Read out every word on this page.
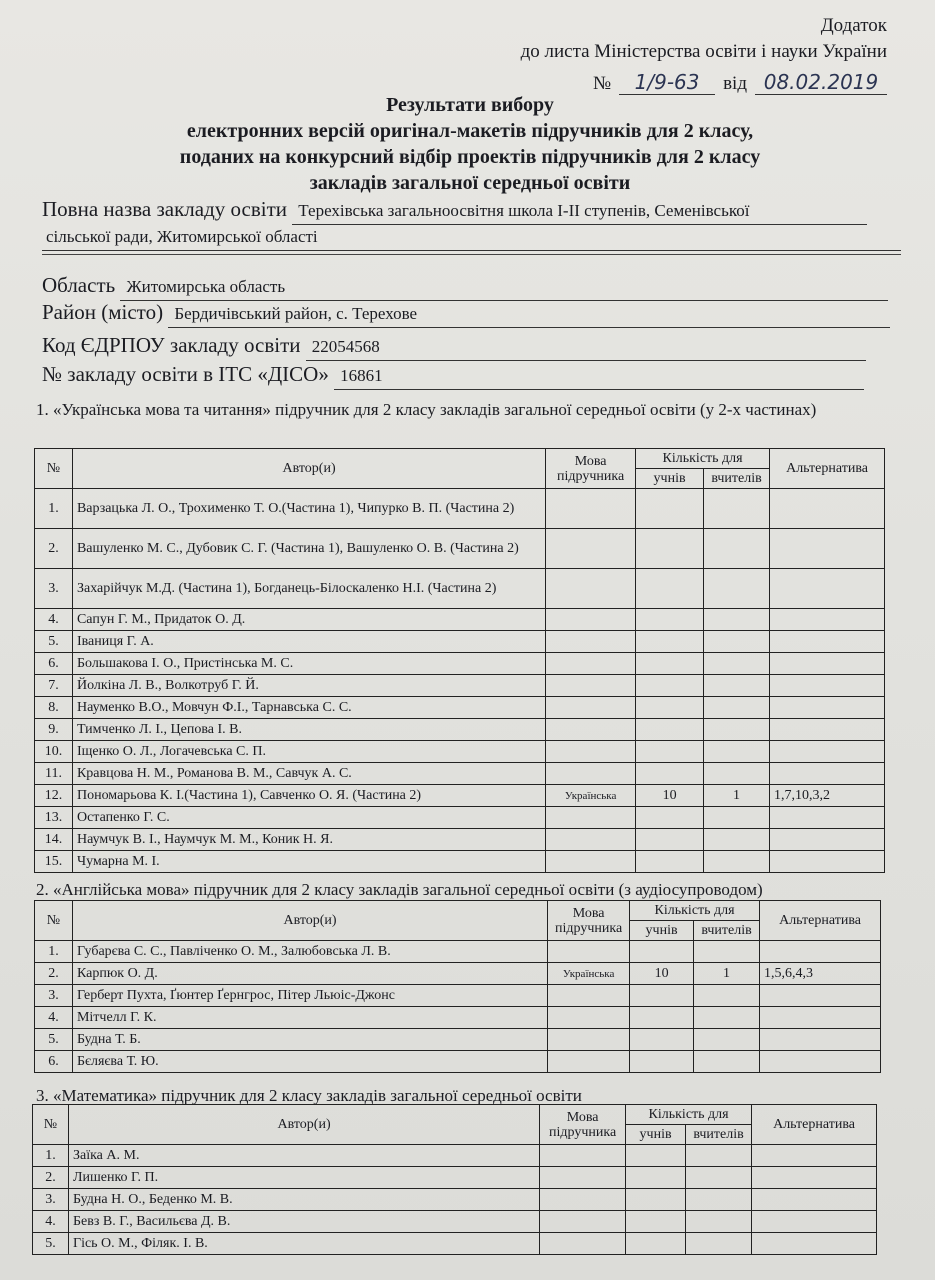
Додаток
до листа Міністерства освіти і науки України
№	1/9-63	від 08.02.2019
Результати вибору
електронних версій оригінал-макетів підручників для 2 класу,
поданих на конкурсний відбір проектів підручників для 2 класу
закладів загальної середньої освіти
Повна назва закладу освіти Терехівська загальноосвітня школа I-II ступенів, Семенівської
сільської ради, Житомирської області
Область Житомирська область
Район (місто) Бердичівський район, с. Терехове
Код ЄДРПОУ закладу освіти 22054568
№ закладу освіти в ІТС «ДІСО» 16861
1. «Українська мова та читання» підручник для 2 класу закладів загальної середньої освіти (у 2-х частинах)
№	Автор(и)	Мова підручника	Кількість для		Альтернатива
			учнів	вчителів	
1.	Варзацька Л. О., Трохименко Т. О.(Частина 1), Чипурко В. П. (Частина 2)				
2.	Вашуленко М. С., Дубовик С. Г. (Частина 1), Вашуленко О. В. (Частина 2)				
3.	Захарійчук М.Д. (Частина 1), Богданець-Білоскаленко Н.І. (Частина 2)				
4.	Сапун Г. М., Придаток О. Д.				
5.	Іваниця Г. А.				
6.	Большакова І. О., Пристінська М. С.				
7.	Йолкіна Л. В., Волкотруб Г. Й.				
8.	Науменко В.О., Мовчун Ф.І., Тарнавська С. С.				
9.	Тимченко Л. І., Цепова І. В.				
10.	Іщенко О. Л., Логачевська С. П.				
11.	Кравцова Н. М., Романова В. М., Савчук А. С.				
12.	Пономарьова К. І.(Частина 1), Савченко О. Я. (Частина 2)	Українська	10	1	1,7,10,3,2
13.	Остапенко Г. С.				
14.	Наумчук В. І., Наумчук М. М., Коник Н. Я.				
15.	Чумарна М. І.				
2. «Англійська мова» підручник для 2 класу закладів загальної середньої освіти (з аудіосупроводом)
№	Автор(и)	Мова підручника	Кількість для		Альтернатива
			учнів	вчителів	
1.	Губарєва С. С., Павліченко О. М., Залюбовська Л. В.				
2.	Карпюк О. Д.	Українська	10	1	1,5,6,4,3
3.	Герберт Пухта, Ґюнтер Ґернгрос, Пітер Льюіс-Джонс				
4.	Мітчелл Г. К.				
5.	Будна Т. Б.				
6.	Бєляєва Т. Ю.				
3. «Математика» підручник для 2 класу закладів загальної середньої освіти
№	Автор(и)	Мова підручника	Кількість для		Альтернатива
			учнів	вчителів	
1.	Заїка А. М.				
2.	Лишенко Г. П.				
3.	Будна Н. О., Беденко М. В.				
4.	Бевз В. Г., Васильєва Д. В.				
5.	Гісь О. М., Філяк. І. В.				
